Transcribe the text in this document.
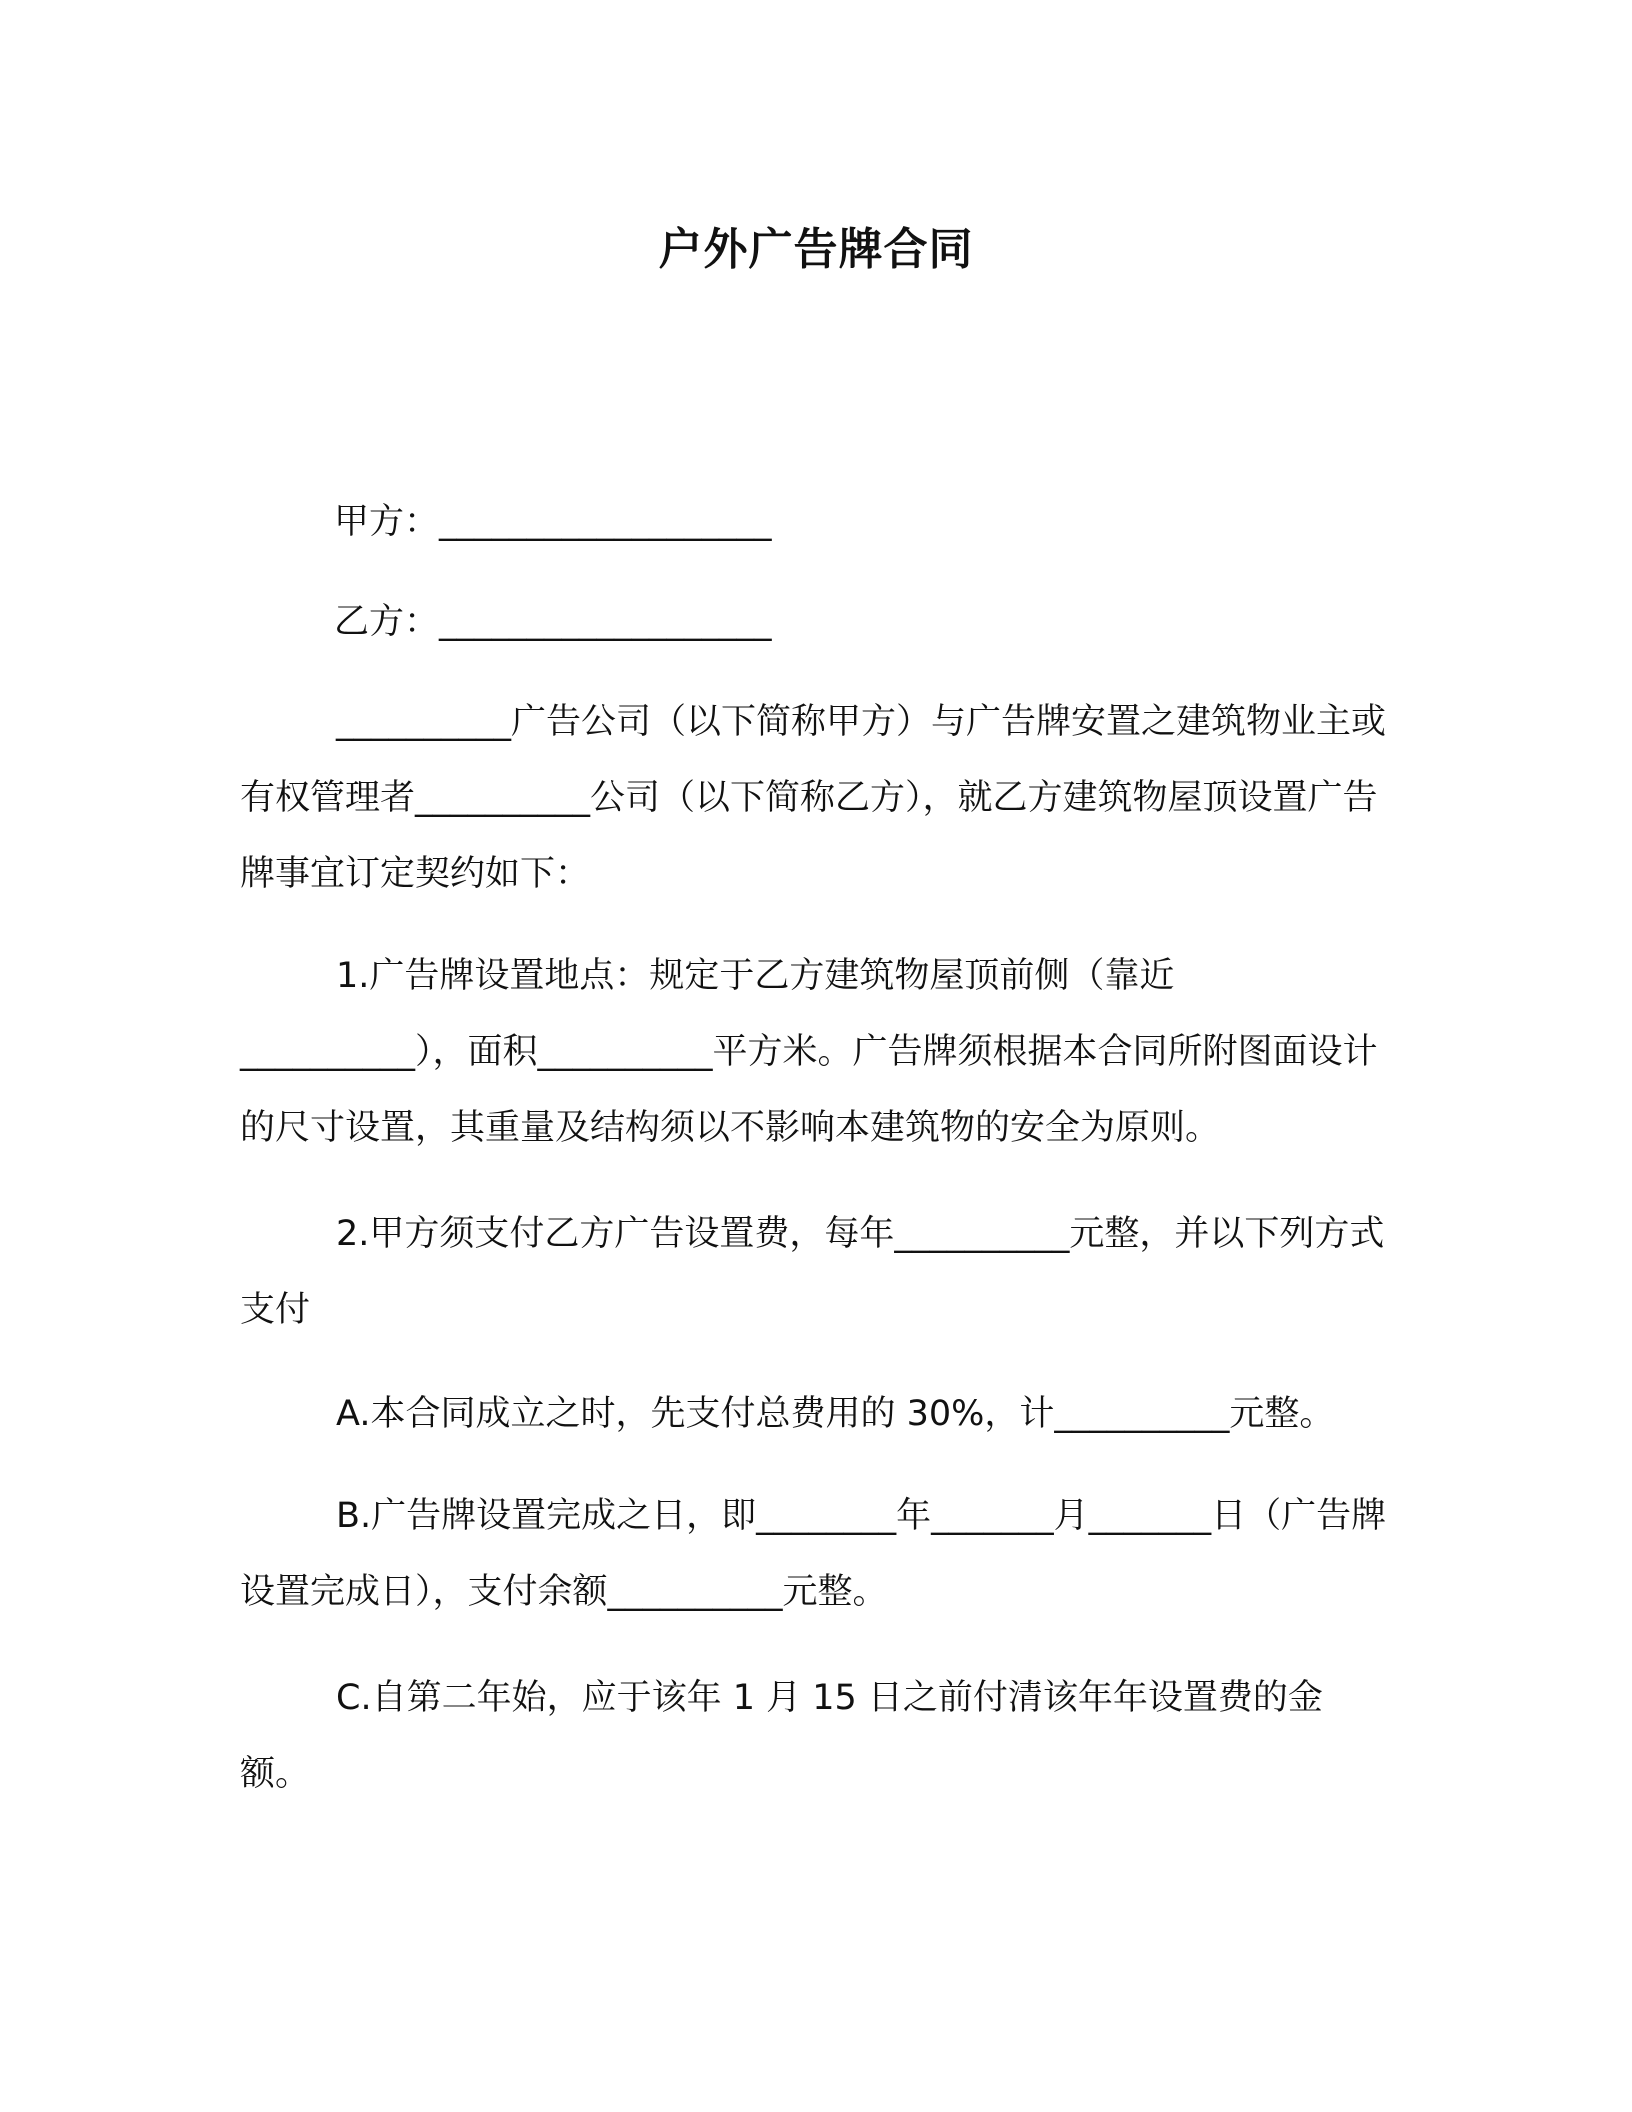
户外广告牌合同
甲方：___________________
乙方：___________________
__________广告公司（以下简称甲方）与广告牌安置之建筑物业主或有权管理者__________公司（以下简称乙方），就乙方建筑物屋顶设置广告牌事宜订定契约如下：
1.广告牌设置地点：规定于乙方建筑物屋顶前侧（靠近__________），面积__________平方米。广告牌须根据本合同所附图面设计的尺寸设置，其重量及结构须以不影响本建筑物的安全为原则。
2.甲方须支付乙方广告设置费，每年__________元整，并以下列方式支付
A.本合同成立之时，先支付总费用的 30%，计__________元整。
B.广告牌设置完成之日，即________年_______月_______日（广告牌设置完成日），支付余额__________元整。
C.自第二年始，应于该年 1 月 15 日之前付清该年年设置费的金额。
